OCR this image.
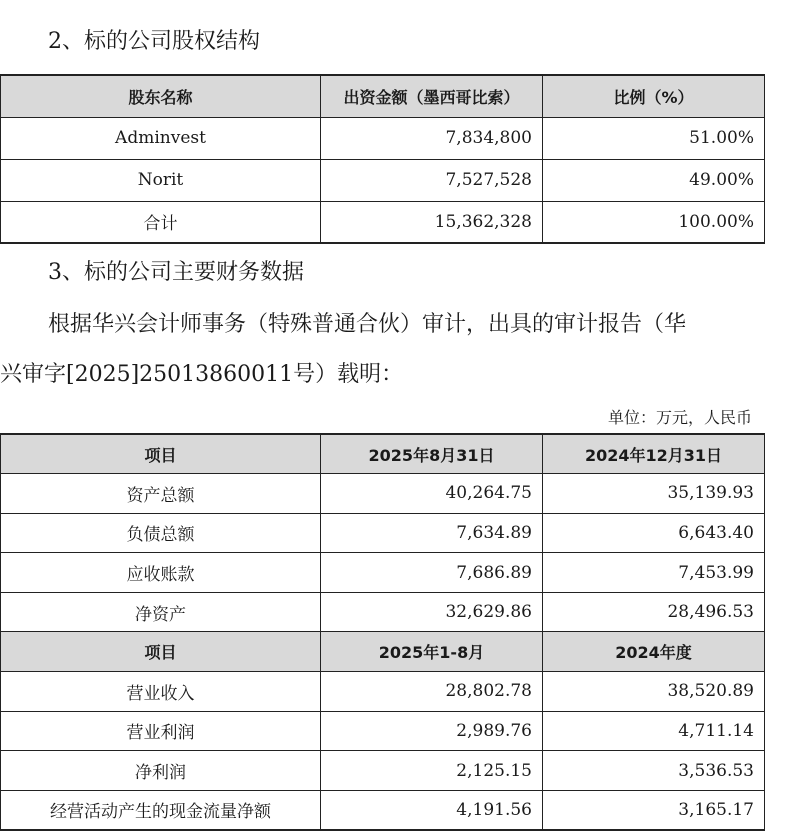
2、标的公司股权结构
股东名称	出资金额（墨西哥比索）	比例（%）
Adminvest	7,834,800	51.00%
Norit	7,527,528	49.00%
合计	15,362,328	100.00%
3、标的公司主要财务数据
根据华兴会计师事务（特殊普通合伙）审计，出具的审计报告（华
兴审字[2025]25013860011号）载明：
单位：万元，人民币
项目	2025年8月31日	2024年12月31日
资产总额	40,264.75	35,139.93
负债总额	7,634.89	6,643.40
应收账款	7,686.89	7,453.99
净资产	32,629.86	28,496.53
项目	2025年1-8月	2024年度
营业收入	28,802.78	38,520.89
营业利润	2,989.76	4,711.14
净利润	2,125.15	3,536.53
经营活动产生的现金流量净额	4,191.56	3,165.17
